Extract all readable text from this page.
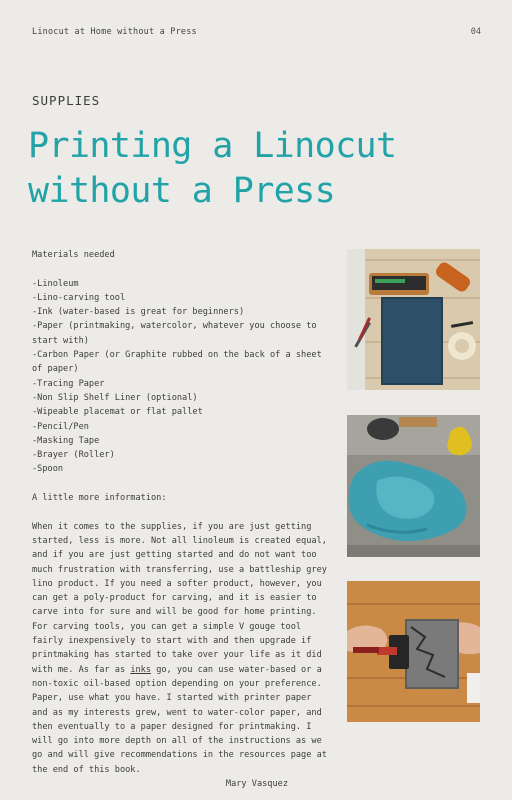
Linocut at Home without a Press	04
SUPPLIES
Printing a Linocut
without a Press

Materials needed

-Linoleum
-Lino-carving tool
-Ink (water-based is great for beginners)
-Paper (printmaking, watercolor, whatever you choose to start with)
-Carbon Paper (or Graphite rubbed on the back of a sheet of paper)
-Tracing Paper
-Non Slip Shelf Liner (optional)
-Wipeable placemat or flat pallet
-Pencil/Pen
-Masking Tape
-Brayer (Roller)
-Spoon

A little more information:

When it comes to the supplies, if you are just getting started, less is more. Not all linoleum is created equal, and if you are just getting started and do not want too much frustration with transferring, use a battleship grey lino product. If you need a softer product, however, you can get a poly-product for carving, and it is easier to carve into for sure and will be good for home printing. For carving tools, you can get a simple V gouge tool fairly inexpensively to start with and then upgrade if printmaking has started to take over your life as it did with me. As far as inks go, you can use water-based or a non-toxic oil-based option depending on your preference. Paper, use what you have. I started with printer paper and as my interests grew, went to water-color paper, and then eventually to a paper designed for printmaking. I will go into more depth on all of the instructions as we go and will give recommendations in the resources page at the end of this book.

Mary Vasquez
